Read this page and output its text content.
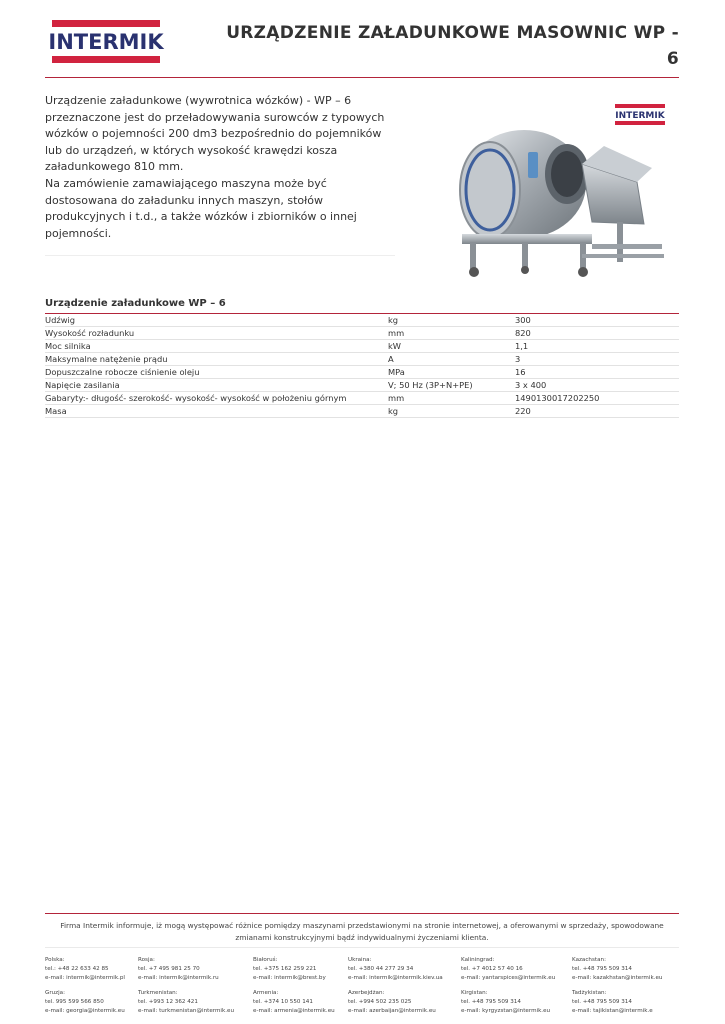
INTERMIK	URZĄDZENIE ZAŁADUNKOWE MASOWNIC WP - 6

Urządzenie załadunkowe (wywrotnica wózków) - WP – 6 przeznaczone jest do przeładowywania surowców z typowych wózków o pojemności 200 dm3 bezpośrednio do pojemników lub do urządzeń, w których wysokość krawędzi kosza załadunkowego 810 mm.

Na zamówienie zamawiającego maszyna może być dostosowana do załadunku innych maszyn, stołów produkcyjnych i t.d., a także wózków i zbiorników o innej pojemności.

INTERMIK
Urządzenie załadunkowe WP – 6
Udźwig	kg	300
Wysokość rozładunku	mm	820
Moc silnika	kW	1,1
Maksymalne natężenie prądu	A	3
Dopuszczalne robocze ciśnienie oleju	MPa	16
Napięcie zasilania	V; 50 Hz (3P+N+PE)	3 x 400
Gabaryty:- długość- szerokość- wysokość- wysokość w położeniu górnym	mm	1490130017202250
Masa	kg	220
Firma Intermik informuje, iż mogą występować różnice pomiędzy maszynami przedstawionymi na stronie internetowej, a oferowanymi w sprzedaży, spowodowane zmianami konstrukcyjnymi bądź indywidualnymi życzeniami klienta.
Polska:
tel.: +48 22 633 42 85
e-mail: intermik@intermik.pl
Rosja:
tel. +7 495 981 25 70
e-mail: intermik@intermik.ru
Białoruś:
tel. +375 162 259 221
e-mail: intermik@brest.by
Ukraina:
tel. +380 44 277 29 34
e-mail: intermik@intermik.kiev.ua
Kaliningrad:
tel. +7 4012 57 40 16
e-mail: yantarspices@intermik.eu
Kazachstan:
tel. +48 795 509 314
e-mail: kazakhstan@intermik.eu
Gruzja:
tel. 995 599 566 850
e-mail: georgia@intermik.eu
Turkmenistan:
tel. +993 12 362 421
e-mail: turkmenistan@intermik.eu
Armenia:
tel. +374 10 550 141
e-mail: armenia@intermik.eu
Azerbejdżan:
tel. +994 502 235 025
e-mail: azerbaijan@intermik.eu
Kirgistan:
tel. +48 795 509 314
e-mail: kyrgyzstan@intermik.eu
Tadżykistan:
tel. +48 795 509 314
e-mail: tajikistan@intermik.e
